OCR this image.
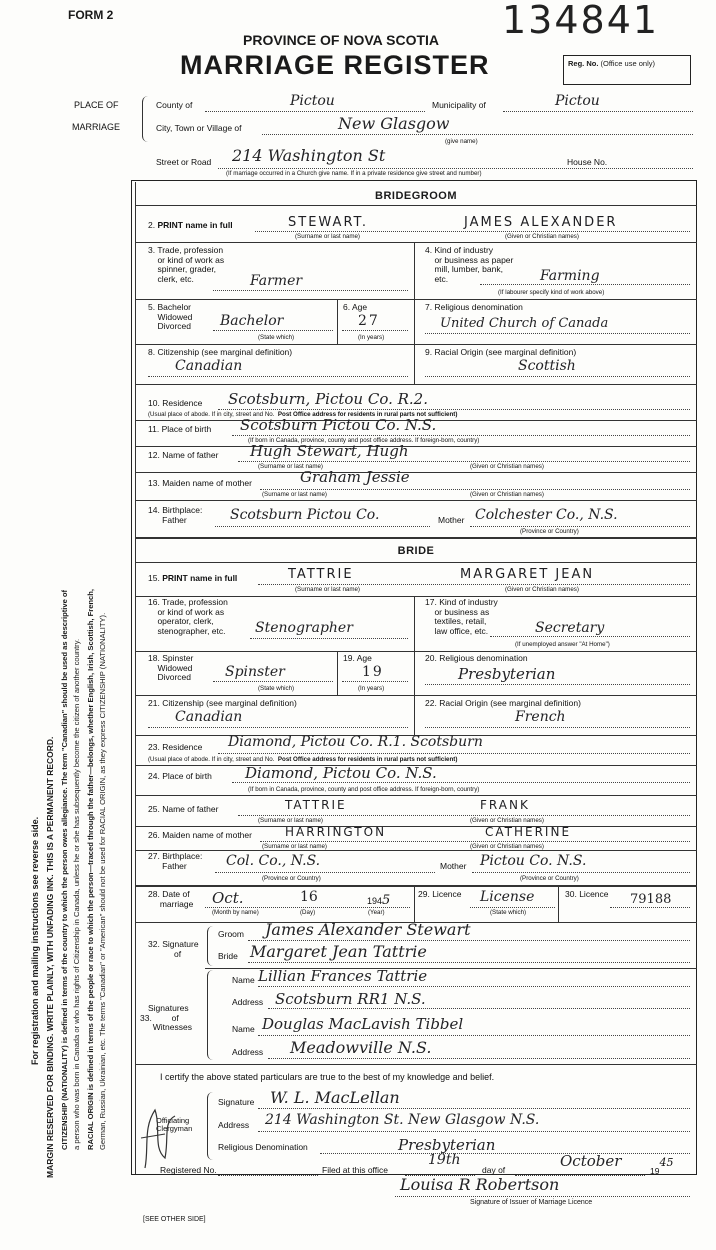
For registration and mailing instructions see reverse side. MARGIN RESERVED FOR BINDING. WRITE PLAINLY, WITH UNFADING INK. THIS IS A PERMANENT RECORD. CITIZENSHIP (NATIONALITY) is defined in terms of the country to which the person owes allegiance. The term "Canadian" should be used as descriptive of a person who was born in Canada or who has rights of Citizenship in Canada, unless he or she has subsequently become the citizen of another country. RACIAL ORIGIN is defined in terms of the people or race to which the person—traced through the father—belongs, whether English, Irish, Scottish, French, German, Russian, Ukrainian, etc. The terms "Canadian" or "American" should not be used for RACIAL ORIGIN, as they express CITIZENSHIP (NATIONALITY).
FORM 2	134841
PROVINCE OF NOVA SCOTIA
MARRIAGE REGISTER	Reg. No. (Office use only)
PLACE OF
MARRIAGE
County of	Pictou	Municipality of	Pictou
City, Town or Village of	New Glasgow
(give name)
Street or Road 214 Washington St	House No.
(If marriage occurred in a Church give name. If in a private residence give street and number)
BRIDEGROOM
2. PRINT name in full	STEWART.	JAMES ALEXANDER
(Surname or last name)	(Given or Christian names)
3. Trade, profession
or kind of work as
spinner, grader,
clerk, etc.	Farmer
4. Kind of industry
or business as paper
mill, lumber, bank,
etc.	Farming
(If labourer specify kind of work above)
5. Bachelor
Widowed
Divorced Bachelor
(State which)
6. Age
27
(In years)
7. Religious denomination
United Church of Canada
8. Citizenship (see marginal definition)
Canadian
9. Racial Origin (see marginal definition)
Scottish
10. Residence Scotsburn, Pictou Co. R.2.
(Usual place of abode. If in city, street and No. Post Office address for residents in rural parts not sufficient)
11. Place of birth Scotsburn Pictou Co. N.S.
(If born in Canada, province, county and post office address. If foreign-born, country)
12. Name of father Hugh Stewart, Hugh
(Surname or last name)	(Given or Christian names)
13. Maiden name of mother	Graham Jessie
(Surname or last name)	(Given or Christian names)
14. Birthplace:
Father	Scotsburn Pictou Co.	Mother Colchester Co., N.S.
(Province or Country)
BRIDE
15. PRINT name in full	TATTRIE	MARGARET JEAN
(Surname or last name)	(Given or Christian names)
16. Trade, profession
or kind of work as
operator, clerk,
stenographer, etc. Stenographer
17. Kind of industry
or business as
textiles, retail,
law office, etc.	Secretary
(If unemployed answer "At Home")
18. Spinster
Widowed
Divorced Spinster
(State which)
19. Age
19
(In years)
20. Religious denomination
Presbyterian
21. Citizenship (see marginal definition)
Canadian
22. Racial Origin (see marginal definition)
French
23. Residence Diamond, Pictou Co. R.1. Scotsburn
(Usual place of abode. If in city, street and No. Post Office address for residents in rural parts not sufficient)
24. Place of birth Diamond, Pictou Co. N.S.
(If born in Canada, province, county and post office address. If foreign-born, country)
25. Name of father	TATTRIE	FRANK
(Surname or last name)	(Given or Christian names)
26. Maiden name of mother	HARRINGTON	CATHERINE
(Surname or last name)	(Given or Christian names)
27. Birthplace:
Father	Col. Co., N.S.	Mother Pictou Co. N.S.
(Province or Country)	(Province or Country)
28. Date of
marriage Oct.	16	1945
(Month by name)	(Day)	(Year)
29. Licence License
(State which)
30. Licence 79188
32. Signature
of
Groom James Alexander Stewart
Bride Margaret Jean Tattrie
Signatures
of
Witnesses
33.
Name Lillian Frances Tattrie
Address Scotsburn RR1 N.S.
Name Douglas MacLavish Tibbel
Address Meadowville N.S.
I certify the above stated particulars are true to the best of my knowledge and belief.
Officiating
Clergyman
Signature W. L. MacLellan
Address 214 Washington St. New Glasgow N.S.
Religious Denomination	Presbyterian
Registered No.	Filed at this office
19th
day of	October
1945
Louisa R Robertson
Signature of Issuer of Marriage Licence
[SEE OTHER SIDE]
